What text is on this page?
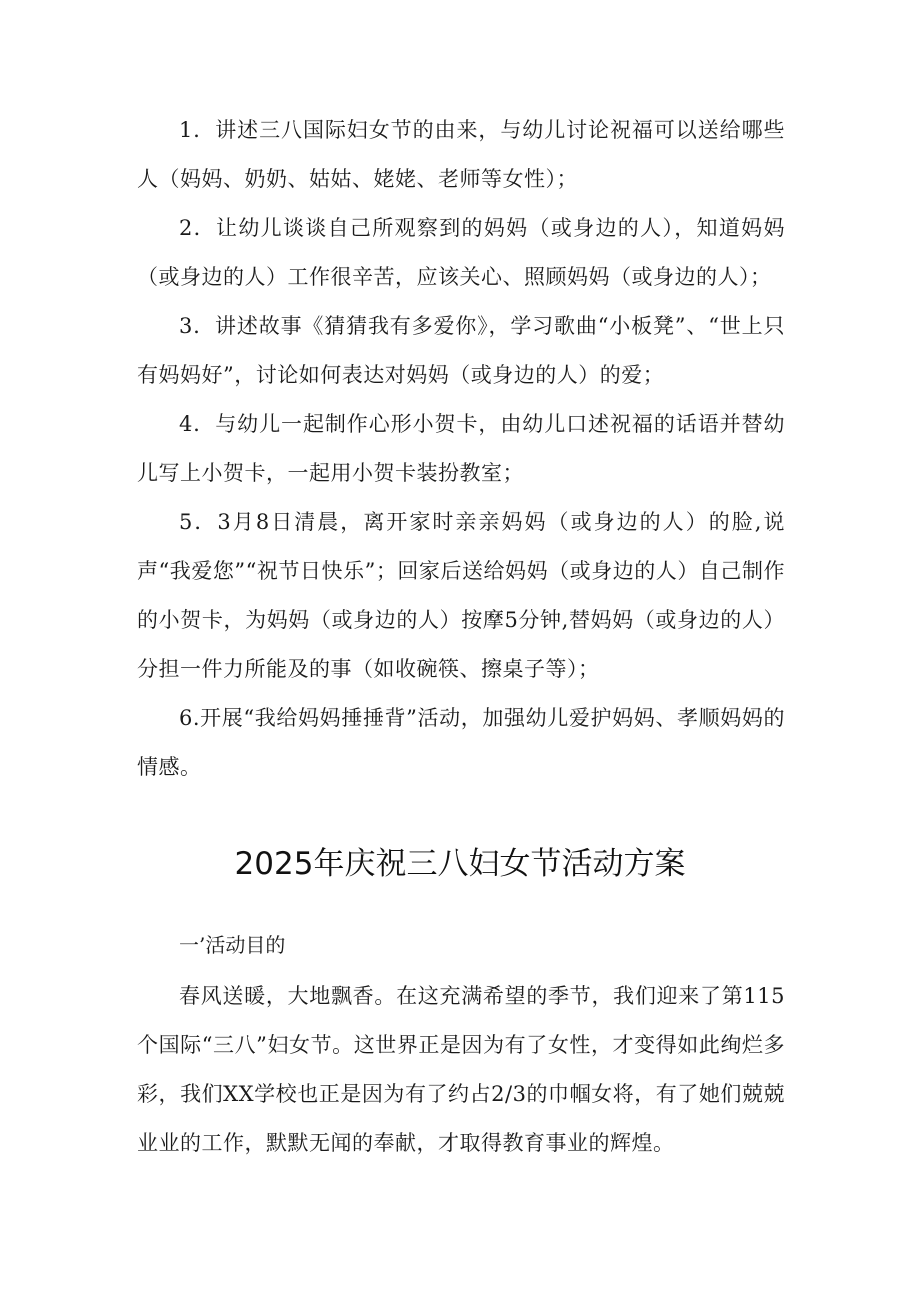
1．讲述三八国际妇女节的由来，与幼儿讨论祝福可以送给哪些人（妈妈、奶奶、姑姑、姥姥、老师等女性）；

2．让幼儿谈谈自己所观察到的妈妈（或身边的人），知道妈妈（或身边的人）工作很辛苦，应该关心、照顾妈妈（或身边的人）；

3．讲述故事《猜猜我有多爱你》，学习歌曲“小板凳”、“世上只有妈妈好”，讨论如何表达对妈妈（或身边的人）的爱；

4．与幼儿一起制作心形小贺卡，由幼儿口述祝福的话语并替幼儿写上小贺卡，一起用小贺卡装扮教室；

5．3月8日清晨，离开家时亲亲妈妈（或身边的人）的脸,说声“我爱您”“祝节日快乐”；回家后送给妈妈（或身边的人）自己制作的小贺卡，为妈妈（或身边的人）按摩5分钟,替妈妈（或身边的人）分担一件力所能及的事（如收碗筷、擦桌子等）；

6.开展“我给妈妈捶捶背”活动，加强幼儿爱护妈妈、孝顺妈妈的情感。

2025年庆祝三八妇女节活动方案

一’活动目的

春风送暖，大地飘香。在这充满希望的季节，我们迎来了第115个国际“三八”妇女节。这世界正是因为有了女性，才变得如此绚烂多彩，我们XX学校也正是因为有了约占2/3的巾帼女将，有了她们兢兢业业的工作，默默无闻的奉献，才取得教育事业的辉煌。
